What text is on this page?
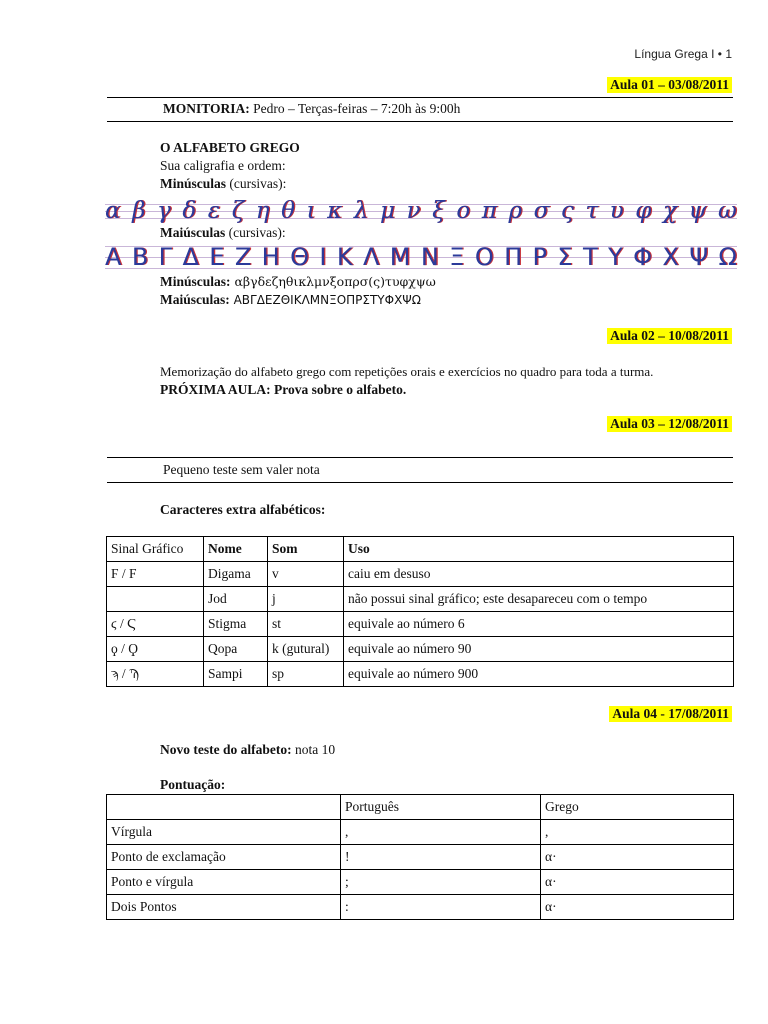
Língua Grega I • 1
Aula 01 – 03/08/2011
MONITORIA: Pedro – Terças-feiras – 7:20h às 9:00h
O ALFABETO GREGO
Sua caligrafia e ordem:
Minúsculas (cursivas):
α β γ δ ε ζ η θ ι κ λ μ ν ξ ο π ρ σ ς τ υ φ χ ψ ω
Maiúsculas (cursivas):
Α Β Γ Δ Ε Ζ Η Θ Ι Κ Λ Μ Ν Ξ Ο Π Ρ Σ Τ Υ Φ Χ Ψ Ω
Minúsculas: αβγδεζηθικλμνξοπρσ(ς)τυφχψω
Maiúsculas: ΑΒΓΔΕΖΘΙΚΛΜΝΞΟΠΡΣΤΥΦΧΨΩ
Aula 02 – 10/08/2011
Memorização do alfabeto grego com repetições orais e exercícios no quadro para toda a turma.
PRÓXIMA AULA: Prova sobre o alfabeto.
Aula 03 – 12/08/2011
Pequeno teste sem valer nota
Caracteres extra alfabéticos:
Sinal Gráfico	Nome	Som	Uso
Ϝ / F	Digama	v	caiu em desuso
	Jod	j	não possui sinal gráfico; este desapareceu com o tempo
ϛ / Ϛ	Stigma	st	equivale ao número 6
ϙ / Ϙ	Qopa	k (gutural)	equivale ao número 90
ϡ / Ϡ	Sampi	sp	equivale ao número 900
Aula 04 - 17/08/2011
Novo teste do alfabeto: nota 10
Pontuação:
	Português	Grego
Vírgula	,	,
Ponto de exclamação	!	α·
Ponto e vírgula	;	α·
Dois Pontos	:	α·
